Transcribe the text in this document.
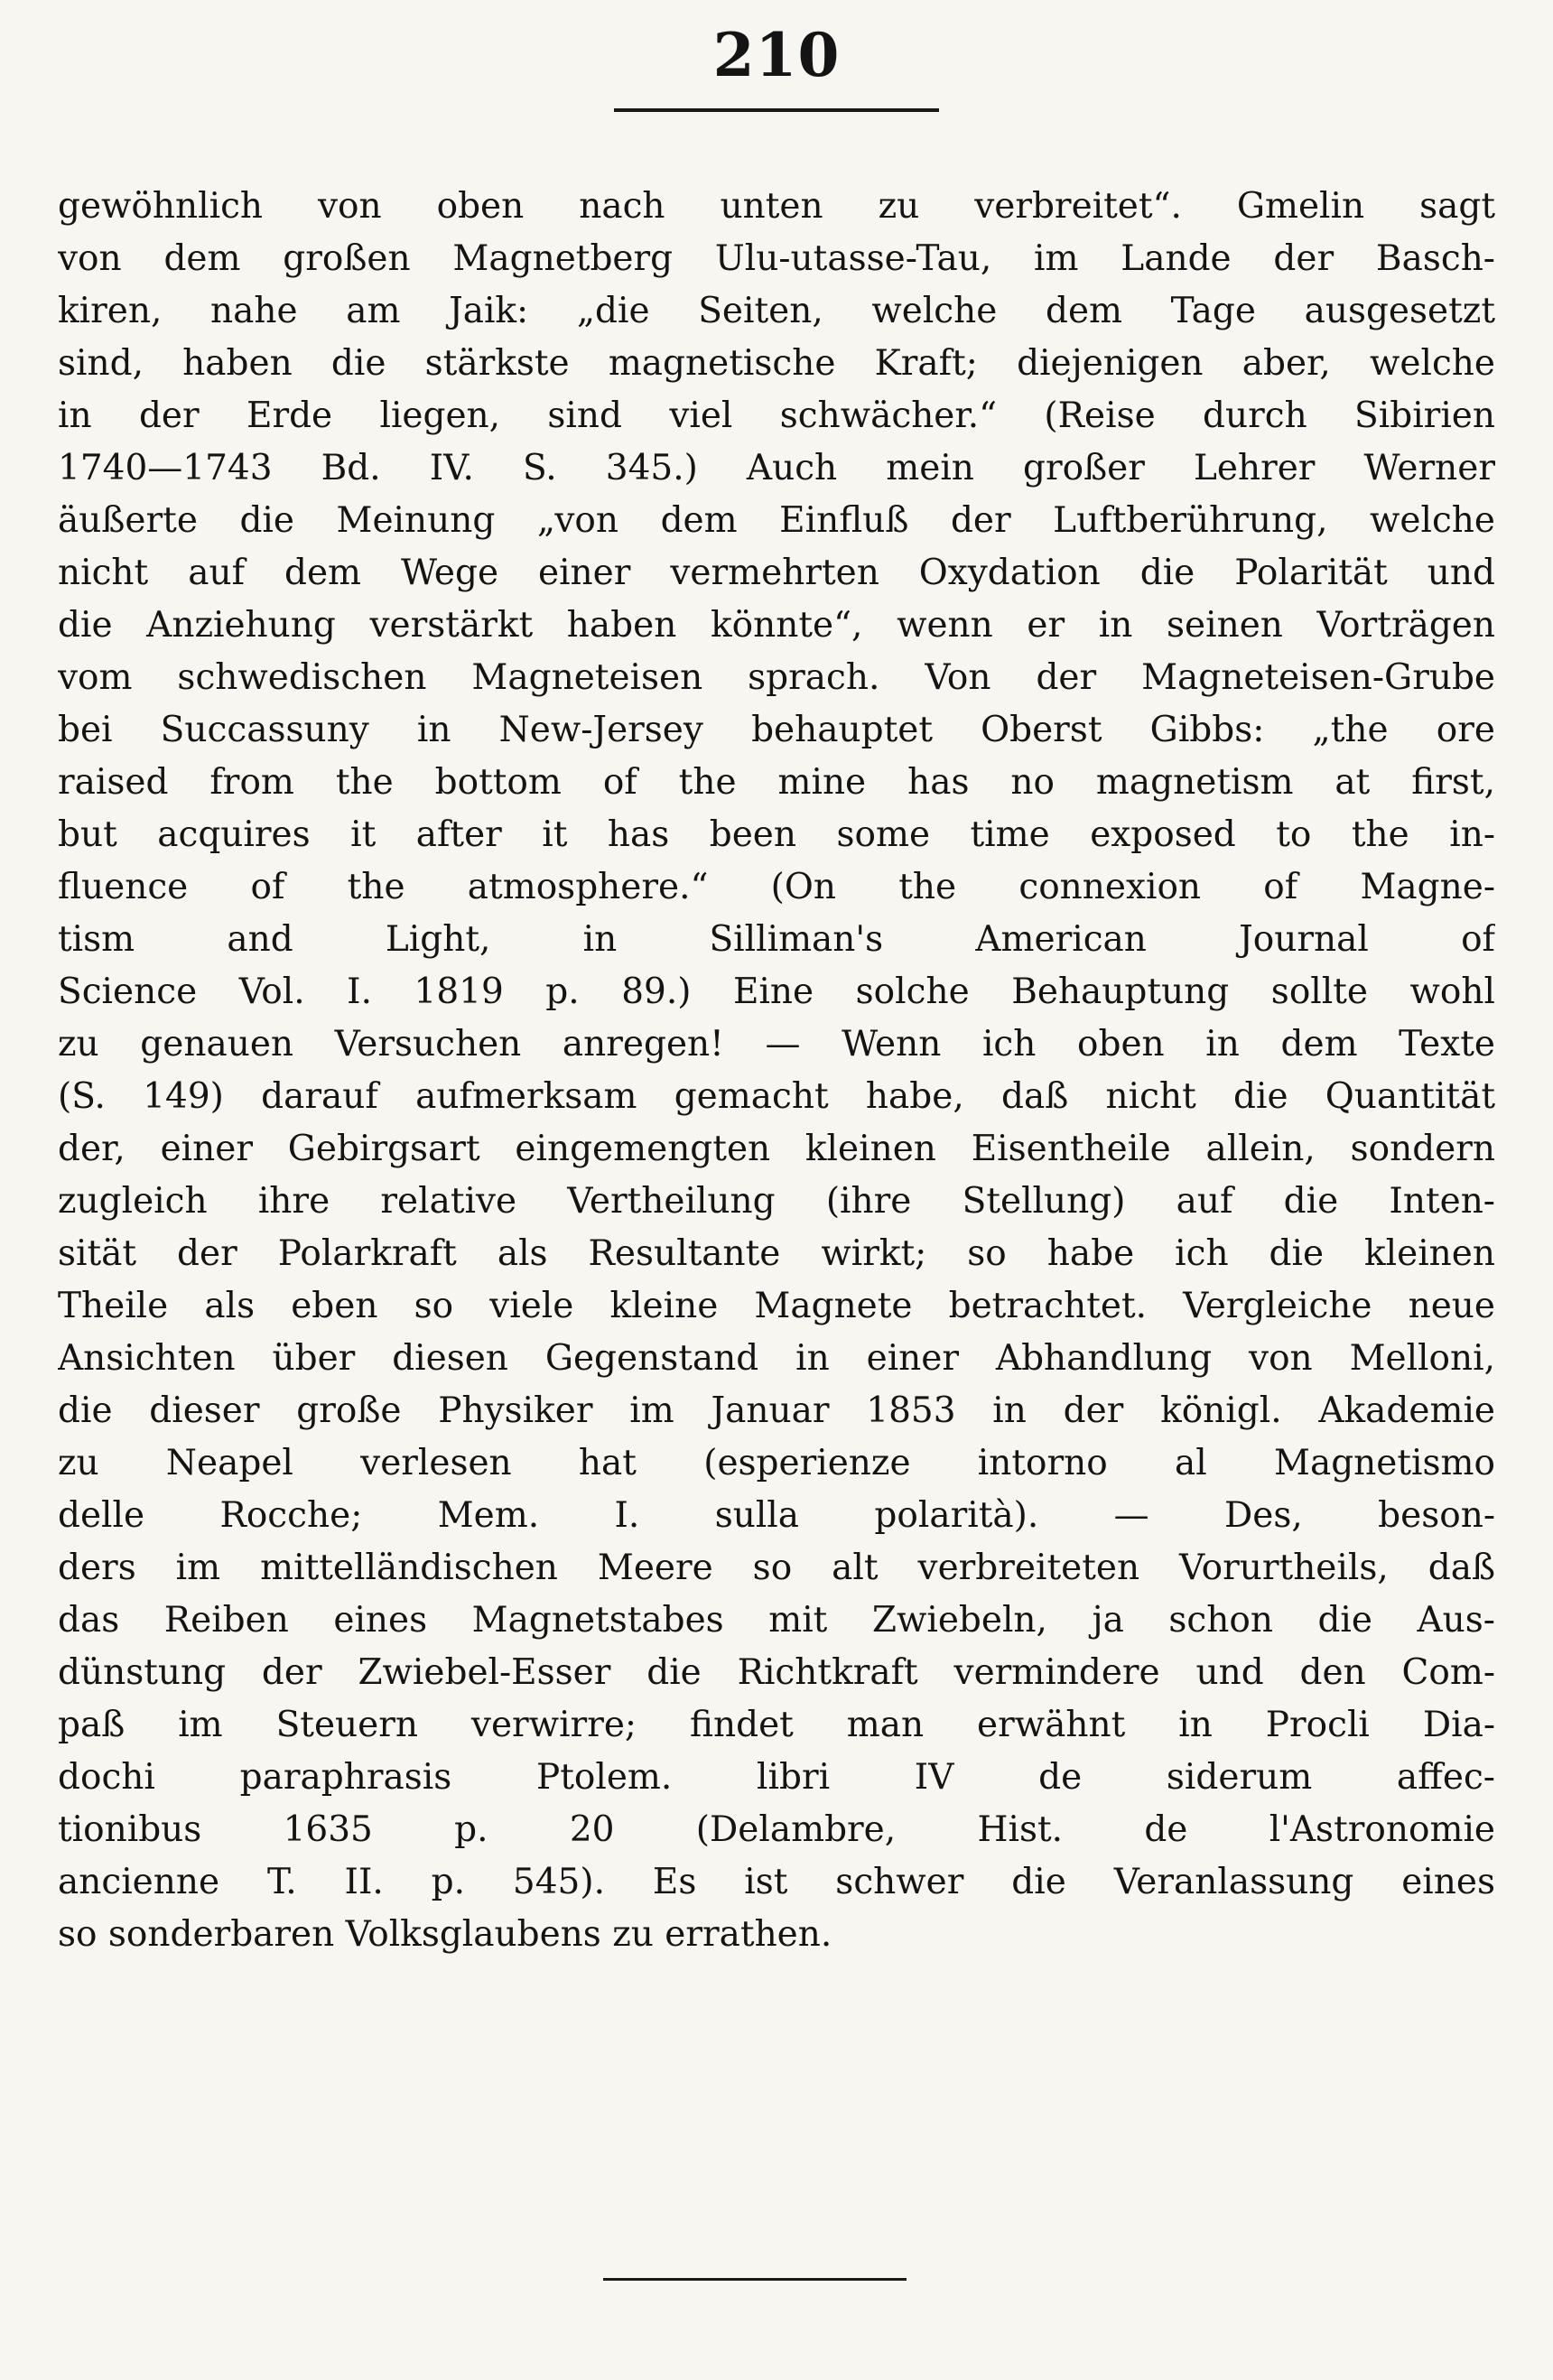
210
gewöhnlich von oben nach unten zu verbreitet“. Gmelin sagt
von dem großen Magnetberg Ulu-utasse-Tau, im Lande der Basch-
kiren, nahe am Jaik: „die Seiten, welche dem Tage ausgesetzt
sind, haben die stärkste magnetische Kraft; diejenigen aber, welche
in der Erde liegen, sind viel schwächer.“ (Reise durch Sibirien
1740—1743 Bd. IV. S. 345.) Auch mein großer Lehrer Werner
äußerte die Meinung „von dem Einfluß der Luftberührung, welche
nicht auf dem Wege einer vermehrten Oxydation die Polarität und
die Anziehung verstärkt haben könnte“, wenn er in seinen Vorträgen
vom schwedischen Magneteisen sprach. Von der Magneteisen-Grube
bei Succassuny in New-Jersey behauptet Oberst Gibbs: „the ore
raised from the bottom of the mine has no magnetism at first,
but acquires it after it has been some time exposed to the in-
fluence of the atmosphere.“ (On the connexion of Magne-
tism and Light, in Silliman's American Journal of
Science Vol. I. 1819 p. 89.) Eine solche Behauptung sollte wohl
zu genauen Versuchen anregen! — Wenn ich oben in dem Texte
(S. 149) darauf aufmerksam gemacht habe, daß nicht die Quantität
der, einer Gebirgsart eingemengten kleinen Eisentheile allein, sondern
zugleich ihre relative Vertheilung (ihre Stellung) auf die Inten-
sität der Polarkraft als Resultante wirkt; so habe ich die kleinen
Theile als eben so viele kleine Magnete betrachtet. Vergleiche neue
Ansichten über diesen Gegenstand in einer Abhandlung von Melloni,
die dieser große Physiker im Januar 1853 in der königl. Akademie
zu Neapel verlesen hat (esperienze intorno al Magnetismo
delle Rocche; Mem. I. sulla polarità). — Des, beson-
ders im mittelländischen Meere so alt verbreiteten Vorurtheils, daß
das Reiben eines Magnetstabes mit Zwiebeln, ja schon die Aus-
dünstung der Zwiebel-Esser die Richtkraft vermindere und den Com-
paß im Steuern verwirre; findet man erwähnt in Procli Dia-
dochi paraphrasis Ptolem. libri IV de siderum affec-
tionibus 1635 p. 20 (Delambre, Hist. de l'Astronomie
ancienne T. II. p. 545). Es ist schwer die Veranlassung eines
so sonderbaren Volksglaubens zu errathen.
